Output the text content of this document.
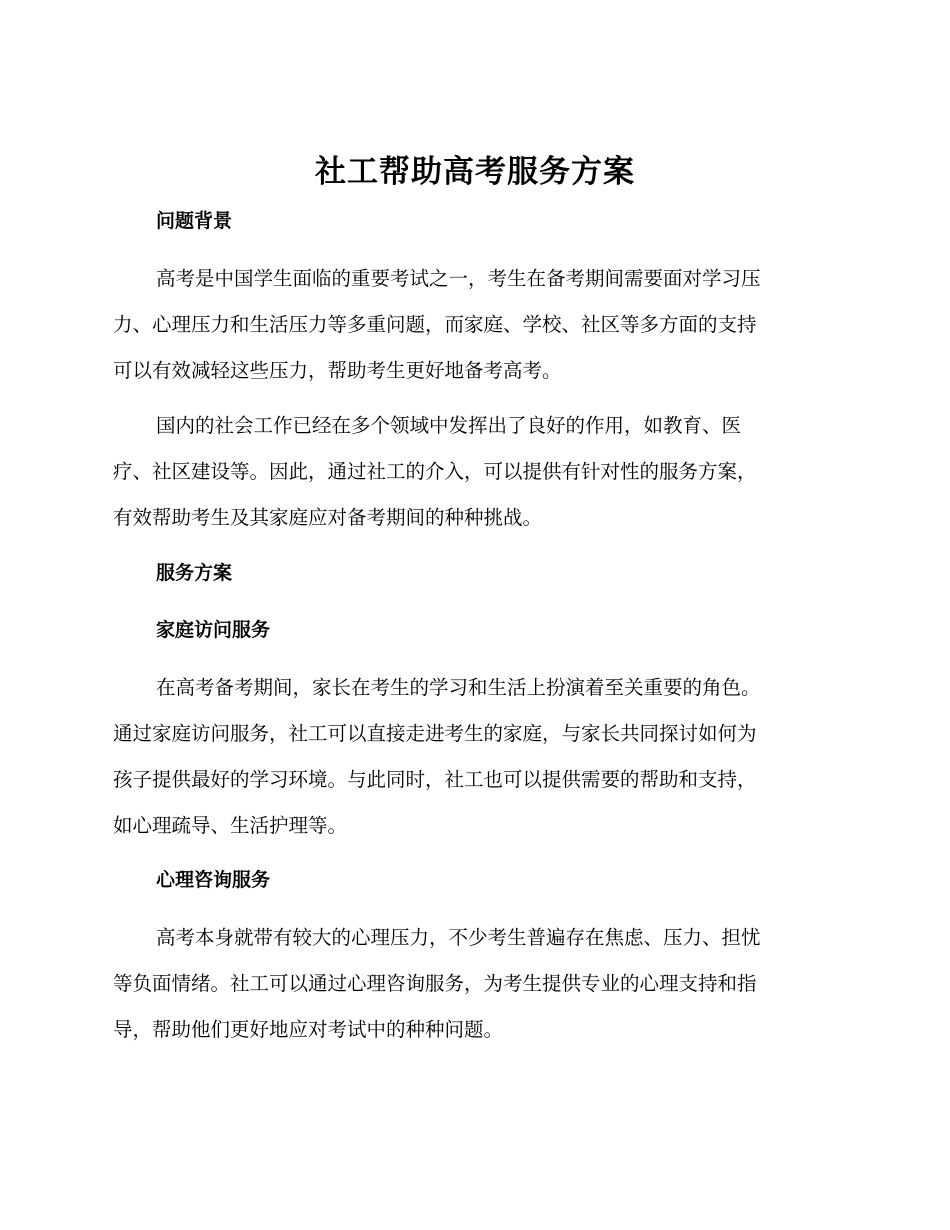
社工帮助高考服务方案
问题背景
高考是中国学生面临的重要考试之一，考生在备考期间需要面对学习压
力、心理压力和生活压力等多重问题，而家庭、学校、社区等多方面的支持
可以有效减轻这些压力，帮助考生更好地备考高考。
国内的社会工作已经在多个领域中发挥出了良好的作用，如教育、医
疗、社区建设等。因此，通过社工的介入，可以提供有针对性的服务方案，
有效帮助考生及其家庭应对备考期间的种种挑战。
服务方案
家庭访问服务
在高考备考期间，家长在考生的学习和生活上扮演着至关重要的角色。
通过家庭访问服务，社工可以直接走进考生的家庭，与家长共同探讨如何为
孩子提供最好的学习环境。与此同时，社工也可以提供需要的帮助和支持，
如心理疏导、生活护理等。
心理咨询服务
高考本身就带有较大的心理压力，不少考生普遍存在焦虑、压力、担忧
等负面情绪。社工可以通过心理咨询服务，为考生提供专业的心理支持和指
导，帮助他们更好地应对考试中的种种问题。
